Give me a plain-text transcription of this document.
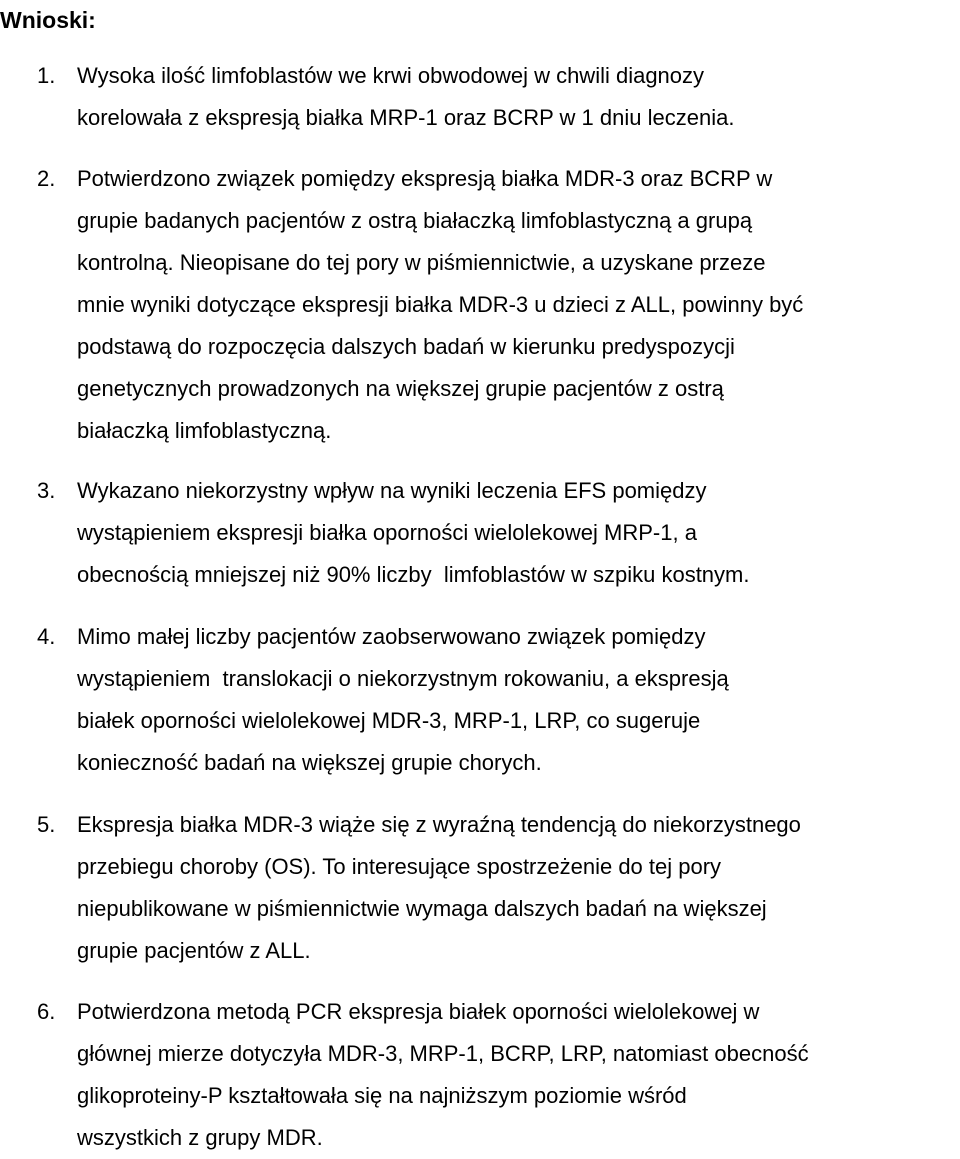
Wnioski:
1. Wysoka ilość limfoblastów we krwi obwodowej w chwili diagnozy
korelowała z ekspresją białka MRP-1 oraz BCRP w 1 dniu leczenia.
2. Potwierdzono związek pomiędzy ekspresją białka MDR-3 oraz BCRP w
grupie badanych pacjentów z ostrą białaczką limfoblastyczną a grupą
kontrolną. Nieopisane do tej pory w piśmiennictwie, a uzyskane przeze
mnie wyniki dotyczące ekspresji białka MDR-3 u dzieci z ALL, powinny być
podstawą do rozpoczęcia dalszych badań w kierunku predyspozycji
genetycznych prowadzonych na większej grupie pacjentów z ostrą
białaczką limfoblastyczną.
3. Wykazano niekorzystny wpływ na wyniki leczenia EFS pomiędzy
wystąpieniem ekspresji białka oporności wielolekowej MRP-1, a
obecnością mniejszej niż 90% liczby  limfoblastów w szpiku kostnym.
4. Mimo małej liczby pacjentów zaobserwowano związek pomiędzy
wystąpieniem  translokacji o niekorzystnym rokowaniu, a ekspresją
białek oporności wielolekowej MDR-3, MRP-1, LRP, co sugeruje
konieczność badań na większej grupie chorych.
5. Ekspresja białka MDR-3 wiąże się z wyraźną tendencją do niekorzystnego
przebiegu choroby (OS). To interesujące spostrzeżenie do tej pory
niepublikowane w piśmiennictwie wymaga dalszych badań na większej
grupie pacjentów z ALL.
6. Potwierdzona metodą PCR ekspresja białek oporności wielolekowej w
głównej mierze dotyczyła MDR-3, MRP-1, BCRP, LRP, natomiast obecność
glikoproteiny-P kształtowała się na najniższym poziomie wśród
wszystkich z grupy MDR.
